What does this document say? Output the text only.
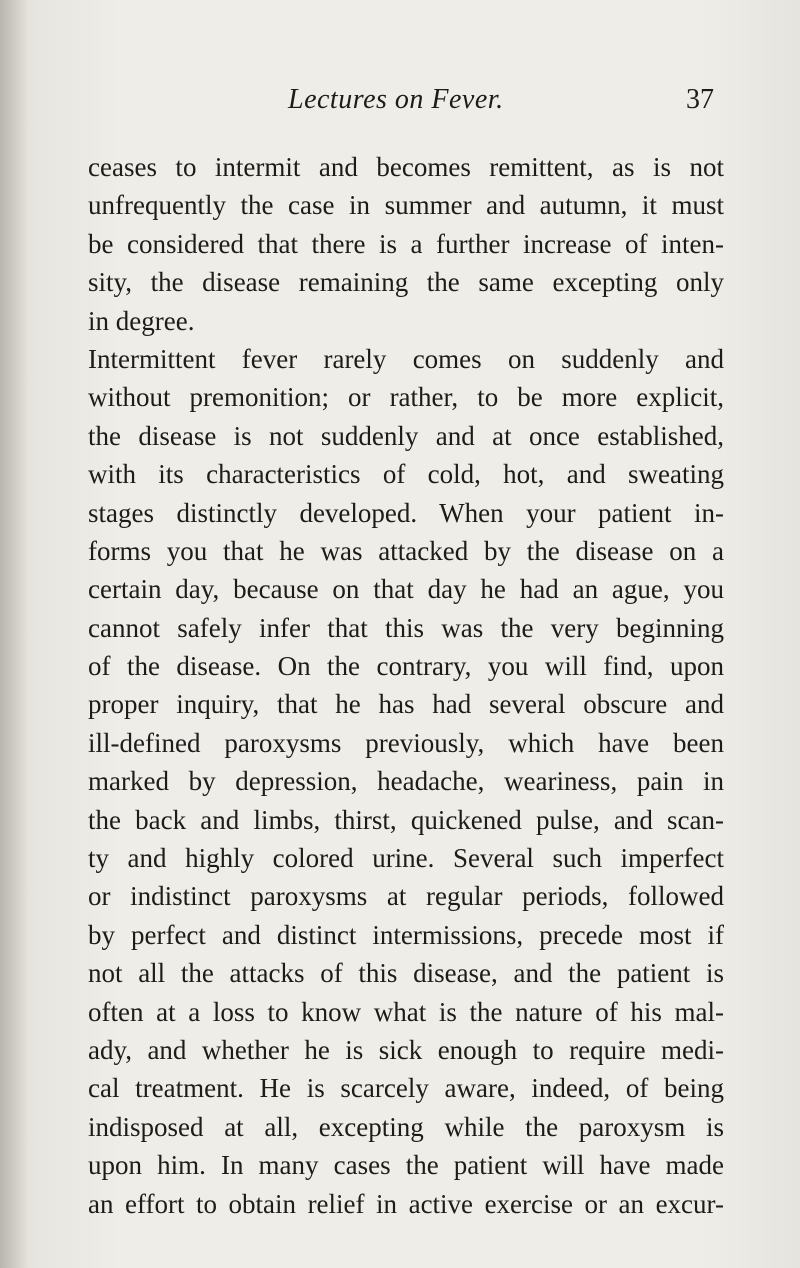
Lectures on Fever.	37
ceases to intermit and becomes remittent, as is not
unfrequently the case in summer and autumn, it must
be considered that there is a further increase of inten-
sity, the disease remaining the same excepting only
in degree.
Intermittent fever rarely comes on suddenly and
without premonition; or rather, to be more explicit,
the disease is not suddenly and at once established,
with its characteristics of cold, hot, and sweating
stages distinctly developed. When your patient in-
forms you that he was attacked by the disease on a
certain day, because on that day he had an ague, you
cannot safely infer that this was the very beginning
of the disease. On the contrary, you will find, upon
proper inquiry, that he has had several obscure and
ill-defined paroxysms previously, which have been
marked by depression, headache, weariness, pain in
the back and limbs, thirst, quickened pulse, and scan-
ty and highly colored urine. Several such imperfect
or indistinct paroxysms at regular periods, followed
by perfect and distinct intermissions, precede most if
not all the attacks of this disease, and the patient is
often at a loss to know what is the nature of his mal-
ady, and whether he is sick enough to require medi-
cal treatment. He is scarcely aware, indeed, of being
indisposed at all, excepting while the paroxysm is
upon him. In many cases the patient will have made
an effort to obtain relief in active exercise or an excur-
